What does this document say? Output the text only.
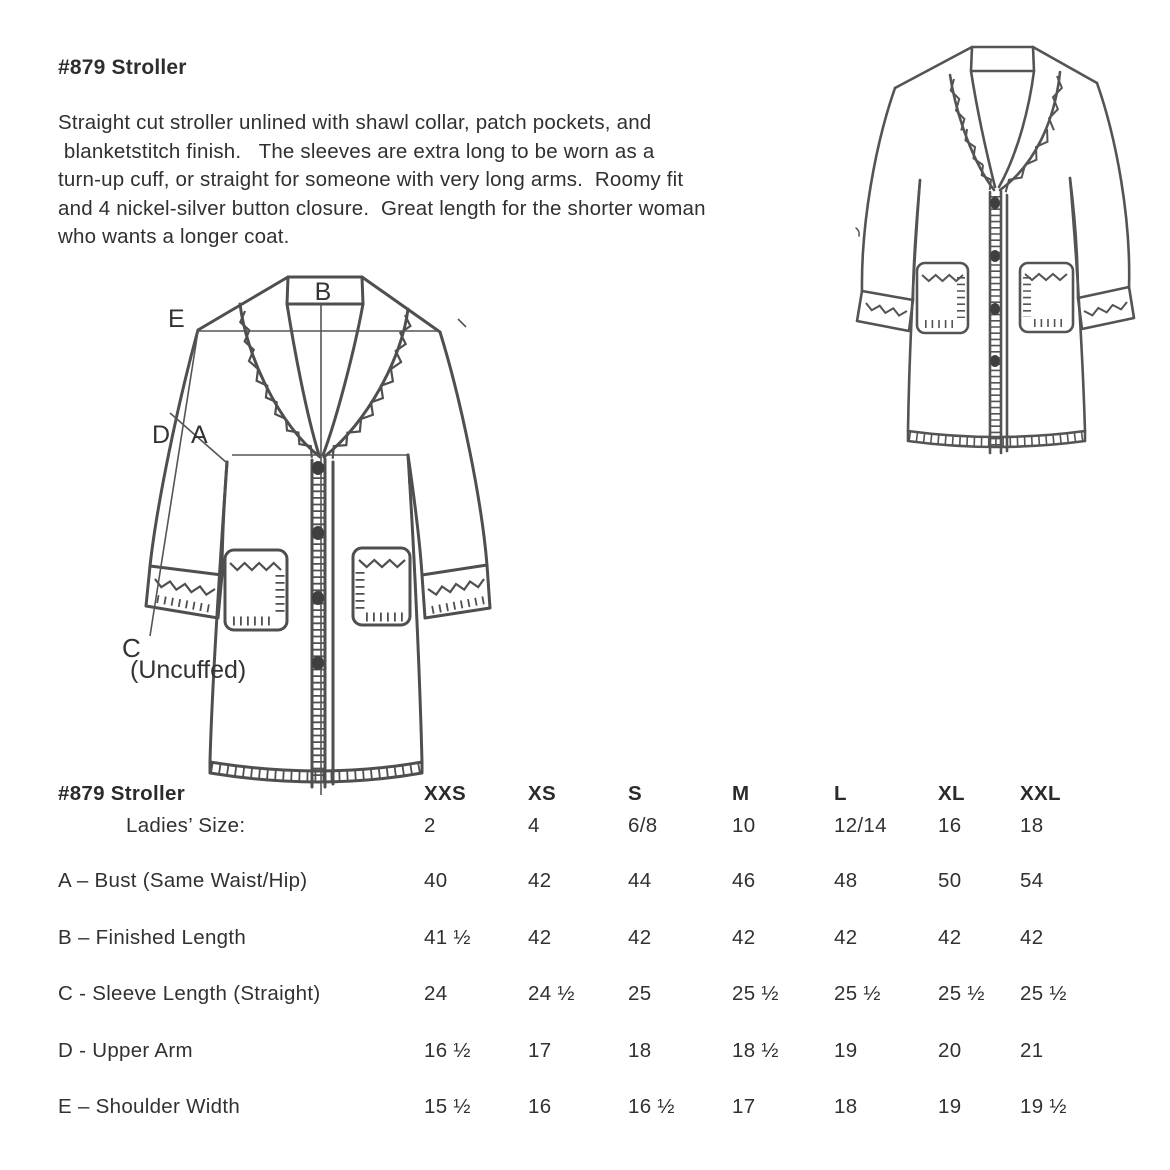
#879 Stroller
Straight cut stroller unlined with shawl collar, patch pockets, and
blanketstitch finish.   The sleeves are extra long to be worn as a
turn-up cuff, or straight for someone with very long arms.  Roomy fit
and 4 nickel-silver button closure.  Great length for the shorter woman
who wants a longer coat.
B
E
D A
C
(Uncuffed)
#879 Stroller	XXS	XS	S	M	L	XL	XXL
Ladies’ Size:	2	4	6/8	10	12/14	16	18
A – Bust (Same Waist/Hip)	40	42	44	46	48	50	54
B – Finished Length	41 ½	42	42	42	42	42	42
C - Sleeve Length (Straight)	24	24 ½	25	25 ½	25 ½	25 ½	25 ½
D - Upper Arm	16 ½	17	18	18 ½	19	20	21
E – Shoulder Width	15 ½	16	16 ½	17	18	19	19 ½
